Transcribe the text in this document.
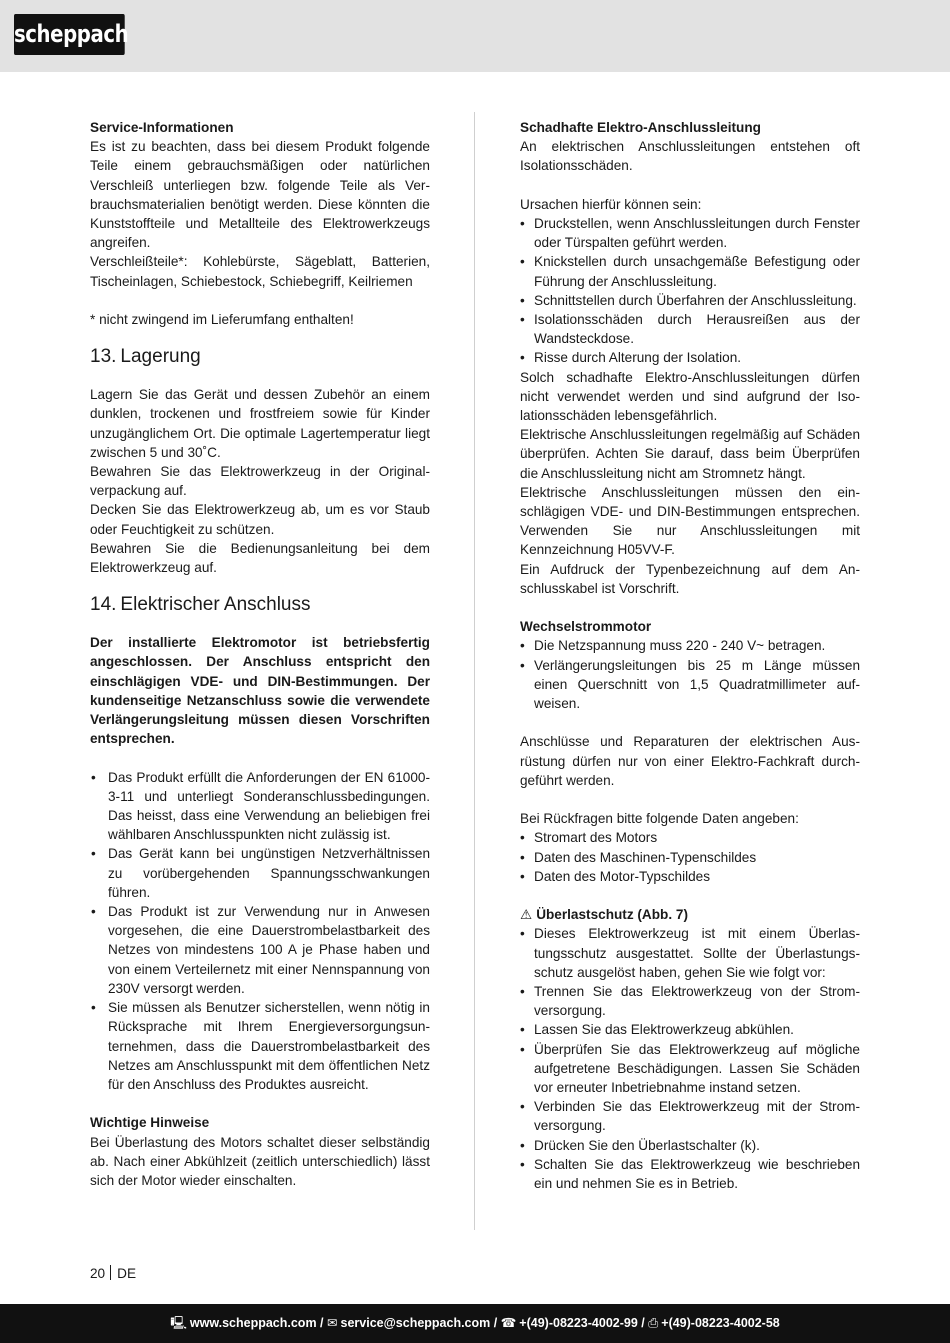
scheppach
Service-Informationen

Es ist zu beachten, dass bei diesem Produkt folgende Teile einem gebrauchsmäßigen oder natürlichen Verschleiß unterliegen bzw. folgende Teile als Verbrauchsmaterialien benötigt werden. Diese könnten die Kunststoffteile und Metallteile des Elektrowerkzeugs angreifen.

Verschleißteile*: Kohlebürste, Sägeblatt, Batterien, Tischeinlagen, Schiebestock, Schiebegriff, Keilriemen

* nicht zwingend im Lieferumfang enthalten!

13. Lagerung

Lagern Sie das Gerät und dessen Zubehör an einem dunklen, trockenen und frostfreiem sowie für Kinder unzugänglichem Ort. Die optimale Lagertemperatur liegt zwischen 5 und 30˚C.

Bewahren Sie das Elektrowerkzeug in der Originalverpackung auf.

Decken Sie das Elektrowerkzeug ab, um es vor Staub oder Feuchtigkeit zu schützen.

Bewahren Sie die Bedienungsanleitung bei dem Elektrowerkzeug auf.

14. Elektrischer Anschluss

Der installierte Elektromotor ist betriebsfertig angeschlossen. Der Anschluss entspricht den einschlägigen VDE- und DIN-Bestimmungen. Der kundenseitige Netzanschluss sowie die verwendete Verlängerungsleitung müssen diesen Vorschriften entsprechen.

• Das Produkt erfüllt die Anforderungen der EN 61000-3-11 und unterliegt Sonderanschlussbedingungen. Das heisst, dass eine Verwendung an beliebigen frei wählbaren Anschlusspunkten nicht zulässig ist.
• Das Gerät kann bei ungünstigen Netzverhältnissen zu vorübergehenden Spannungsschwankungen führen.
• Das Produkt ist zur Verwendung nur in Anwesen vorgesehen, die eine Dauerstrombelastbarkeit des Netzes von mindestens 100 A je Phase haben und von einem Verteilernetz mit einer Nennspannung von 230V versorgt werden.
• Sie müssen als Benutzer sicherstellen, wenn nötig in Rücksprache mit Ihrem Energieversorgungsunternehmen, dass die Dauerstrombelastbarkeit des Netzes am Anschlusspunkt mit dem öffentlichen Netz für den Anschluss des Produktes ausreicht.
Wichtige Hinweise

Bei Überlastung des Motors schaltet dieser selbständig ab. Nach einer Abkühlzeit (zeitlich unterschiedlich) lässt sich der Motor wieder einschalten.

Schadhafte Elektro-Anschlussleitung

An elektrischen Anschlussleitungen entstehen oft Isolationsschäden.

Ursachen hierfür können sein:

• Druckstellen, wenn Anschlussleitungen durch Fenster oder Türspalten geführt werden.
• Knickstellen durch unsachgemäße Befestigung oder Führung der Anschlussleitung.
• Schnittstellen durch Überfahren der Anschlussleitung.
• Isolationsschäden durch Herausreißen aus der Wandsteckdose.
• Risse durch Alterung der Isolation.

Solch schadhafte Elektro-Anschlussleitungen dürfen nicht verwendet werden und sind aufgrund der Isolationsschäden lebensgefährlich.

Elektrische Anschlussleitungen regelmäßig auf Schäden überprüfen. Achten Sie darauf, dass beim Überprüfen die Anschlussleitung nicht am Stromnetz hängt.

Elektrische Anschlussleitungen müssen den einschlägigen VDE- und DIN-Bestimmungen entsprechen. Verwenden Sie nur Anschlussleitungen mit Kennzeichnung H05VV-F.

Ein Aufdruck der Typenbezeichnung auf dem Anschlusskabel ist Vorschrift.

Wechselstrommotor
• Die Netzspannung muss 220 - 240 V~ betragen.
• Verlängerungsleitungen bis 25 m Länge müssen einen Querschnitt von 1,5 Quadratmillimeter aufweisen.

Anschlüsse und Reparaturen der elektrischen Ausrüstung dürfen nur von einer Elektro-Fachkraft durchgeführt werden.

Bei Rückfragen bitte folgende Daten angeben:

• Stromart des Motors
• Daten des Maschinen-Typenschildes
• Daten des Motor-Typschildes
⚠ Überlastschutz (Abb. 7)
• Dieses Elektrowerkzeug ist mit einem Überlastungsschutz ausgestattet. Sollte der Überlastungsschutz ausgelöst haben, gehen Sie wie folgt vor:
• Trennen Sie das Elektrowerkzeug von der Stromversorgung.
• Lassen Sie das Elektrowerkzeug abkühlen.
• Überprüfen Sie das Elektrowerkzeug auf mögliche aufgetretene Beschädigungen. Lassen Sie Schäden vor erneuter Inbetriebnahme instand setzen.
• Verbinden Sie das Elektrowerkzeug mit der Stromversorgung.
• Drücken Sie den Überlastschalter (k).
• Schalten Sie das Elektrowerkzeug wie beschrieben ein und nehmen Sie es in Betrieb.
20 DE
🖳 www.scheppach.com / ✉ service@scheppach.com / ☎ +(49)-08223-4002-99 / ⎙ +(49)-08223-4002-58
